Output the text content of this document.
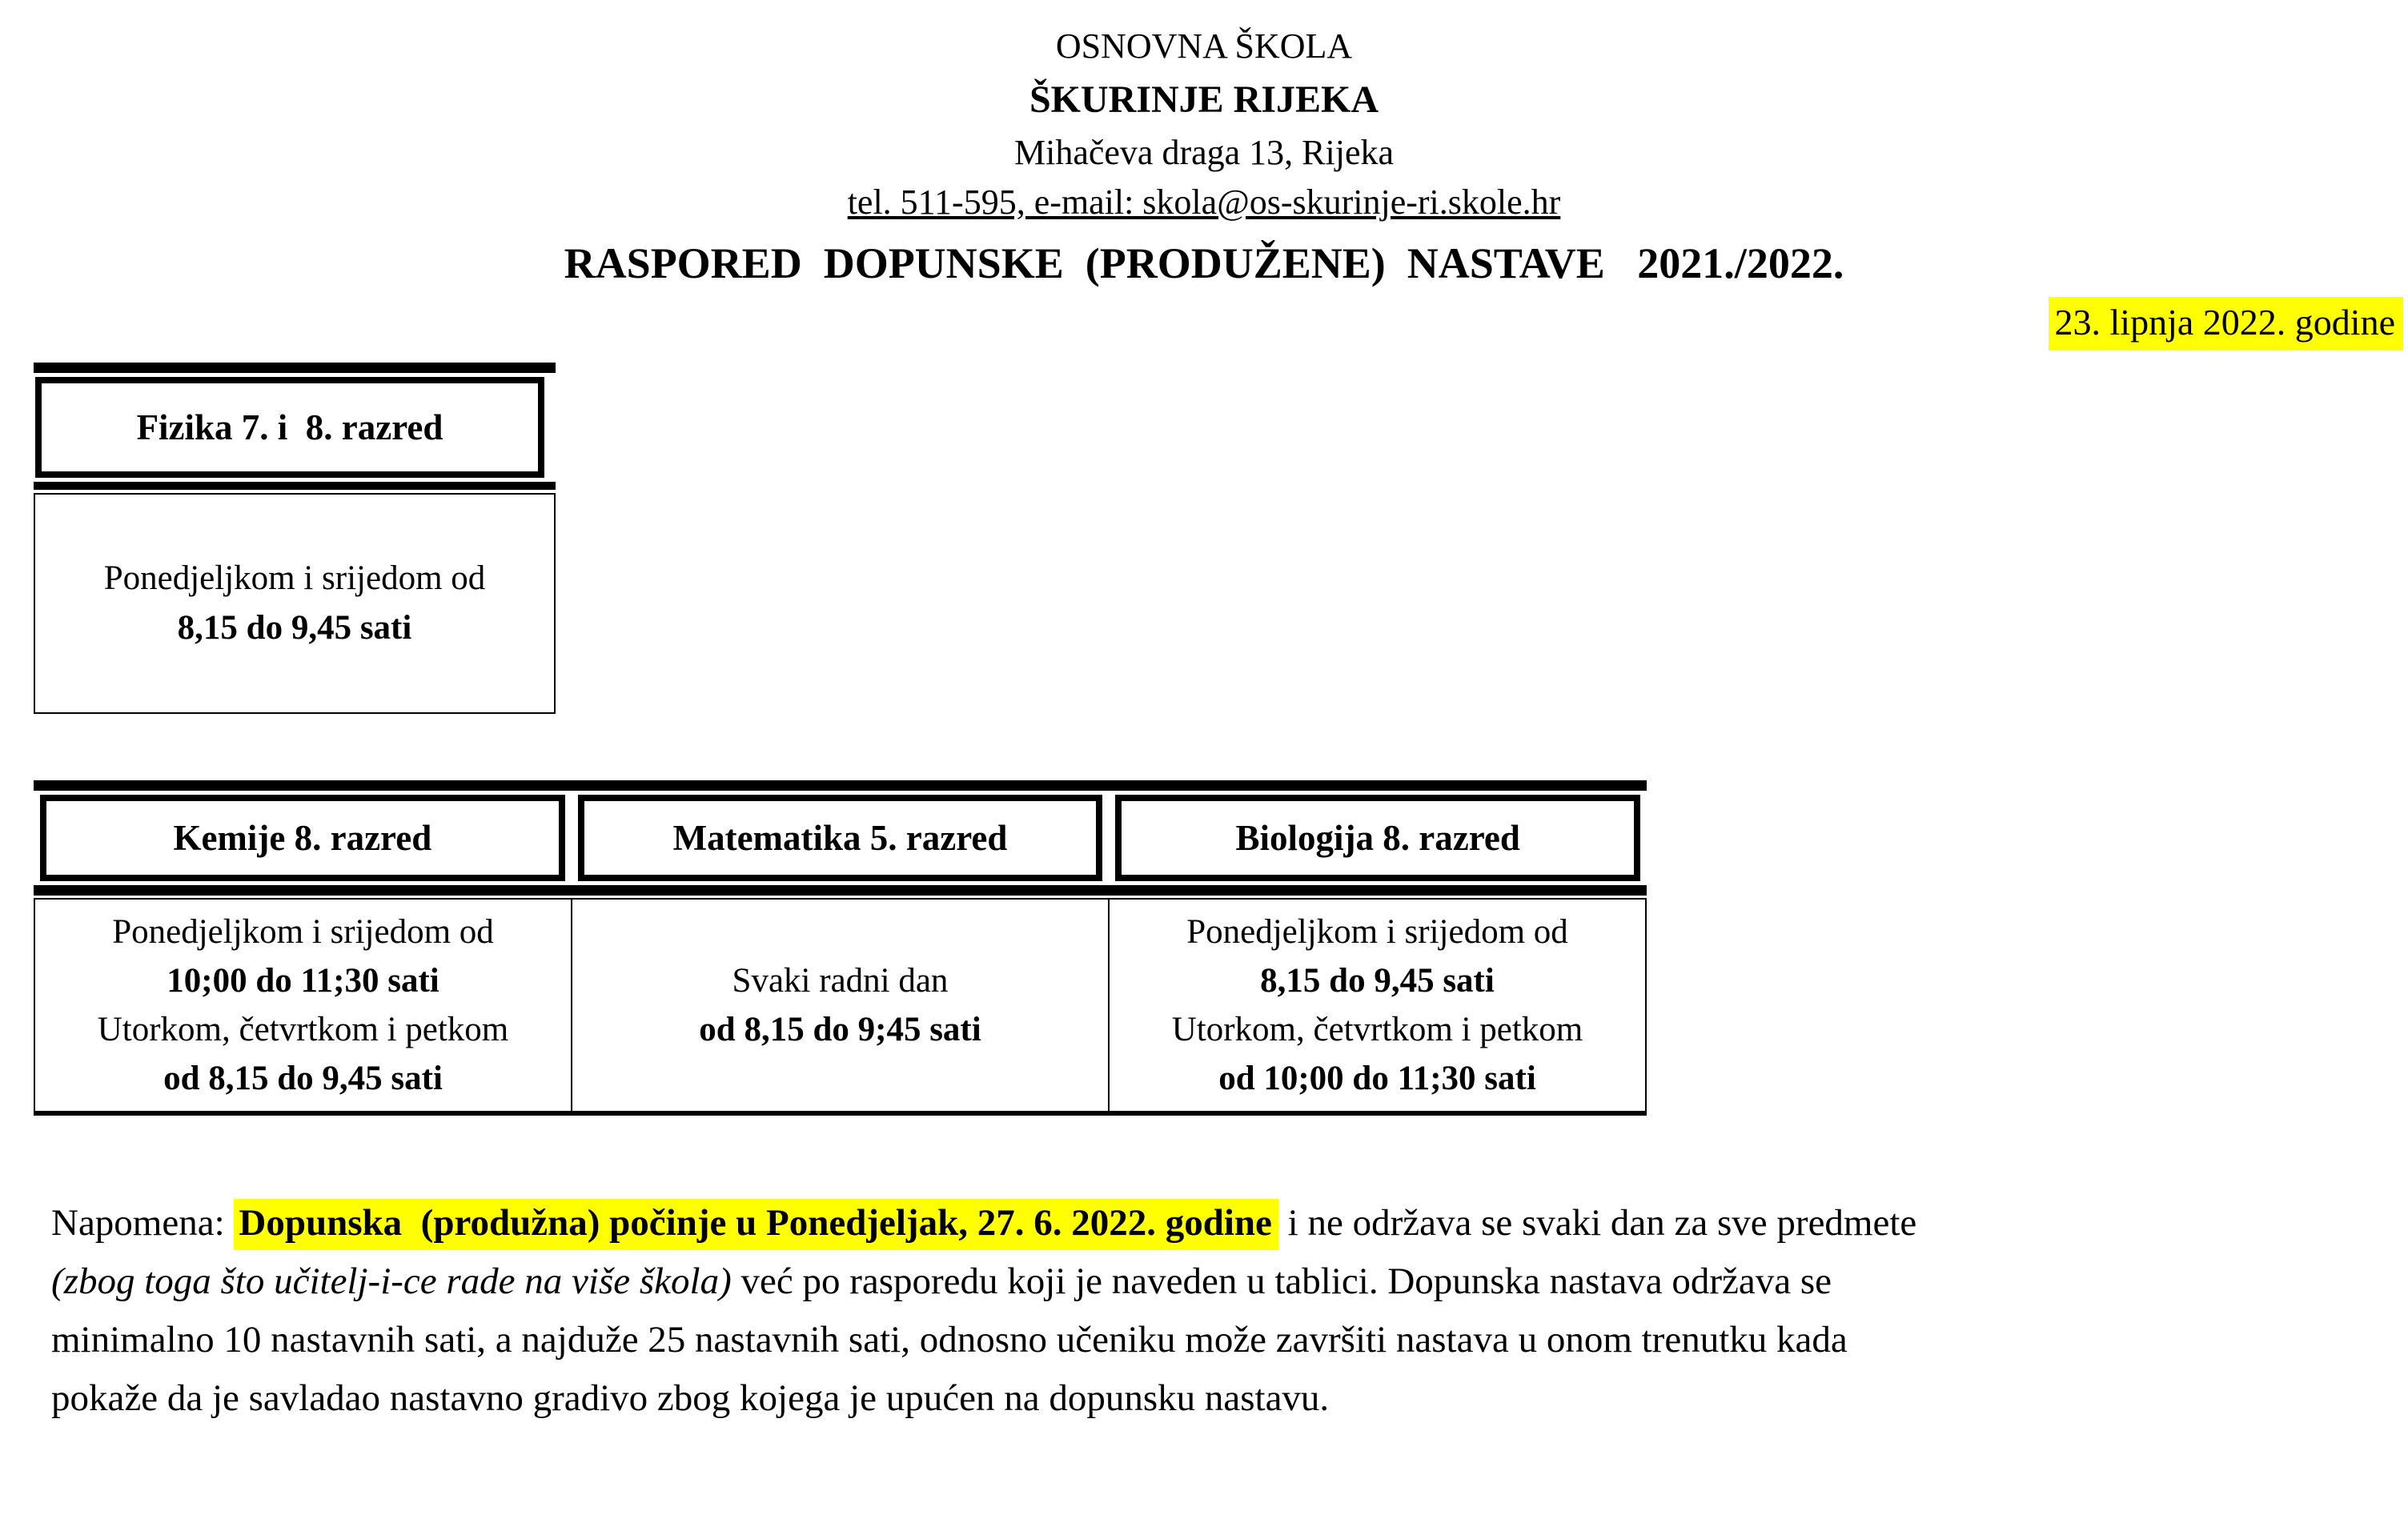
OSNOVNA ŠKOLA
ŠKURINJE RIJEKA
Mihačeva draga 13, Rijeka
tel. 511-595, e-mail: skola@os-skurinje-ri.skole.hr
RASPORED  DOPUNSKE  (PRODUŽENE)  NASTAVE   2021./2022.
23. lipnja 2022. godine
Fizika 7. i  8. razred
Ponedjeljkom i srijedom od
8,15 do 9,45 sati
Kemije 8. razred	Matematika 5. razred	Biologija 8. razred
Ponedjeljkom i srijedom od
10;00 do 11;30 sati
Utorkom, četvrtkom i petkom
od 8,15 do 9,45 sati
Svaki radni dan
od 8,15 do 9;45 sati
Ponedjeljkom i srijedom od
8,15 do 9,45 sati
Utorkom, četvrtkom i petkom
od 10;00 do 11;30 sati
Napomena: Dopunska  (produžna) počinje u Ponedjeljak, 27. 6. 2022. godine i ne održava se svaki dan za sve predmete
(zbog toga što učitelj-i-ce rade na više škola) već po rasporedu koji je naveden u tablici. Dopunska nastava održava se
minimalno 10 nastavnih sati, a najduže 25 nastavnih sati, odnosno učeniku može završiti nastava u onom trenutku kada
pokaže da je savladao nastavno gradivo zbog kojega je upućen na dopunsku nastavu.
